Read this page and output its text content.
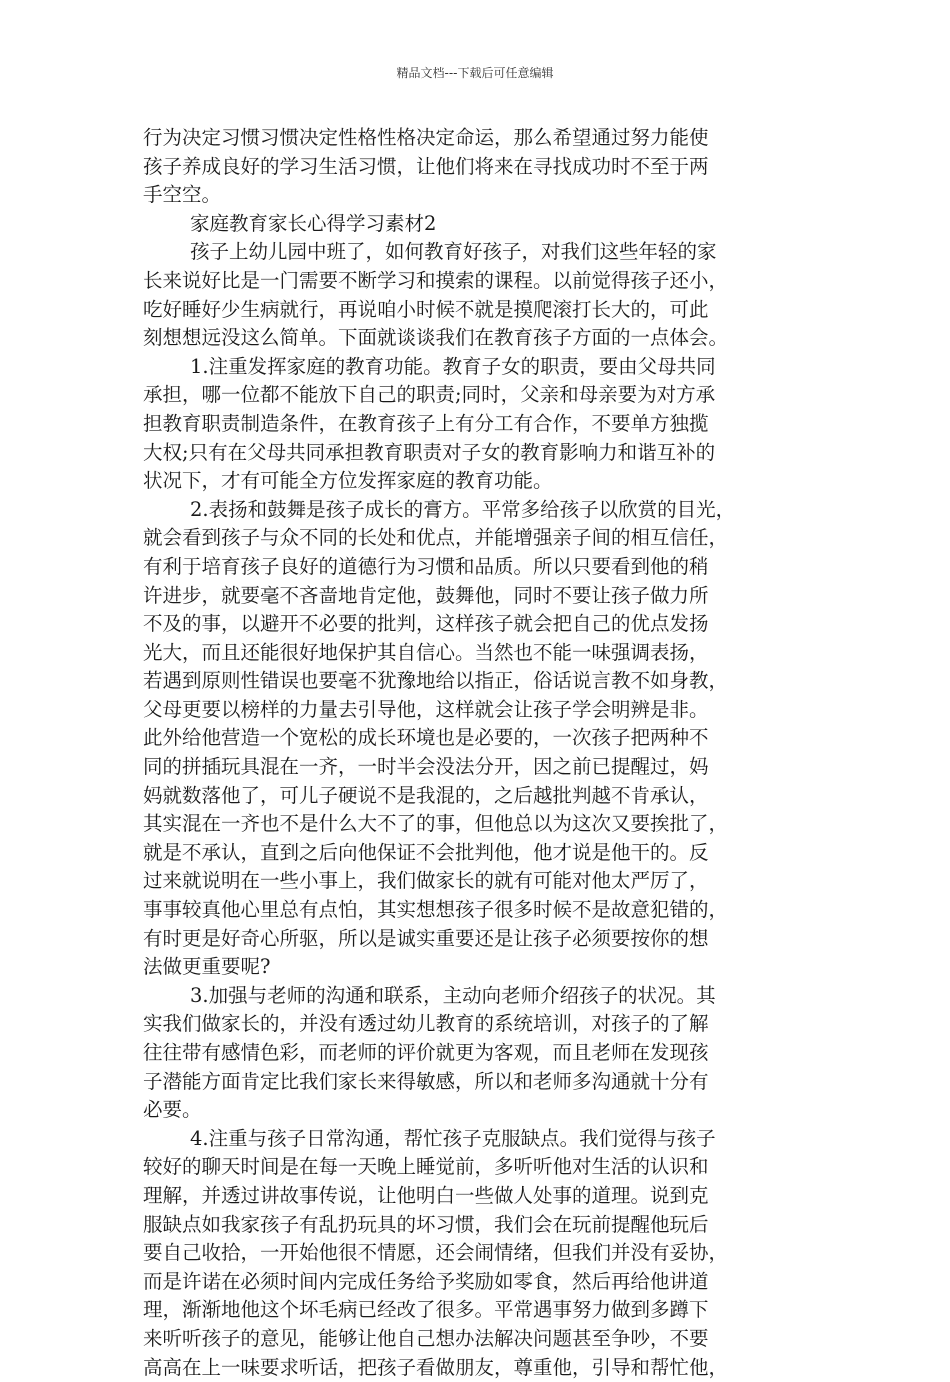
精品文档---下载后可任意编辑
行为决定习惯习惯决定性格性格决定命运，那么希望通过努力能使
孩子养成良好的学习生活习惯，让他们将来在寻找成功时不至于两
手空空。
家庭教育家长心得学习素材2
孩子上幼儿园中班了，如何教育好孩子，对我们这些年轻的家
长来说好比是一门需要不断学习和摸索的课程。以前觉得孩子还小，
吃好睡好少生病就行，再说咱小时候不就是摸爬滚打长大的，可此
刻想想远没这么简单。下面就谈谈我们在教育孩子方面的一点体会。
1.注重发挥家庭的教育功能。教育子女的职责，要由父母共同
承担，哪一位都不能放下自己的职责;同时，父亲和母亲要为对方承
担教育职责制造条件，在教育孩子上有分工有合作，不要单方独揽
大权;只有在父母共同承担教育职责对子女的教育影响力和谐互补的
状况下，才有可能全方位发挥家庭的教育功能。
2.表扬和鼓舞是孩子成长的膏方。平常多给孩子以欣赏的目光，
就会看到孩子与众不同的长处和优点，并能增强亲子间的相互信任，
有利于培育孩子良好的道德行为习惯和品质。所以只要看到他的稍
许进步，就要毫不吝啬地肯定他，鼓舞他，同时不要让孩子做力所
不及的事，以避开不必要的批判，这样孩子就会把自己的优点发扬
光大，而且还能很好地保护其自信心。当然也不能一味强调表扬，
若遇到原则性错误也要毫不犹豫地给以指正，俗话说言教不如身教，
父母更要以榜样的力量去引导他，这样就会让孩子学会明辨是非。
此外给他营造一个宽松的成长环境也是必要的，一次孩子把两种不
同的拼插玩具混在一齐，一时半会没法分开，因之前已提醒过，妈
妈就数落他了，可儿子硬说不是我混的，之后越批判越不肯承认，
其实混在一齐也不是什么大不了的事，但他总以为这次又要挨批了，
就是不承认，直到之后向他保证不会批判他，他才说是他干的。反
过来就说明在一些小事上，我们做家长的就有可能对他太严厉了，
事事较真他心里总有点怕，其实想想孩子很多时候不是故意犯错的，
有时更是好奇心所驱，所以是诚实重要还是让孩子必须要按你的想
法做更重要呢?
3.加强与老师的沟通和联系，主动向老师介绍孩子的状况。其
实我们做家长的，并没有透过幼儿教育的系统培训，对孩子的了解
往往带有感情色彩，而老师的评价就更为客观，而且老师在发现孩
子潜能方面肯定比我们家长来得敏感，所以和老师多沟通就十分有
必要。
4.注重与孩子日常沟通，帮忙孩子克服缺点。我们觉得与孩子
较好的聊天时间是在每一天晚上睡觉前，多听听他对生活的认识和
理解，并透过讲故事传说，让他明白一些做人处事的道理。说到克
服缺点如我家孩子有乱扔玩具的坏习惯，我们会在玩前提醒他玩后
要自己收拾，一开始他很不情愿，还会闹情绪，但我们并没有妥协，
而是许诺在必须时间内完成任务给予奖励如零食，然后再给他讲道
理，渐渐地他这个坏毛病已经改了很多。平常遇事努力做到多蹲下
来听听孩子的意见，能够让他自己想办法解决问题甚至争吵，不要
高高在上一味要求听话，把孩子看做朋友，尊重他，引导和帮忙他，
